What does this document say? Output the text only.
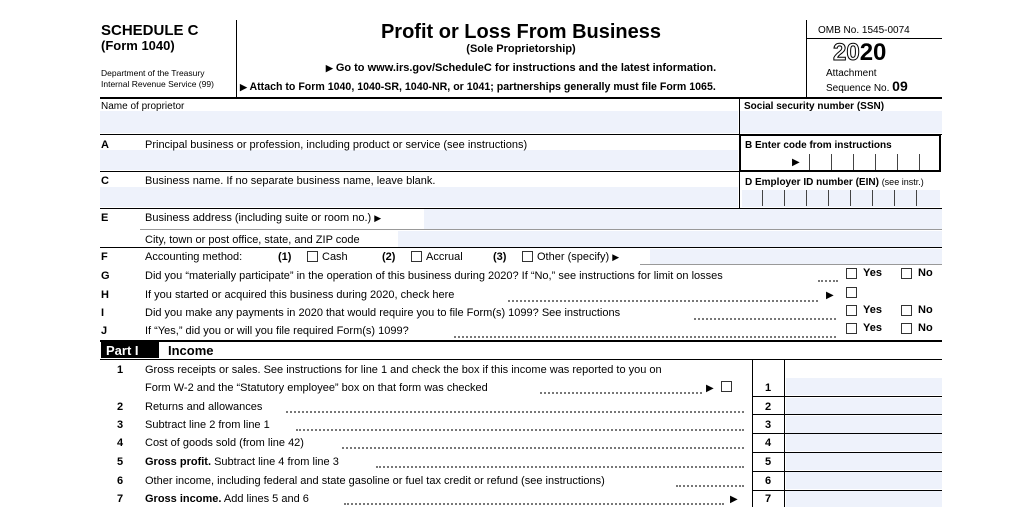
SCHEDULE C
(Form 1040)
Department of the Treasury
Internal Revenue Service (99)
Profit or Loss From Business
(Sole Proprietorship)
▶ Go to www.irs.gov/ScheduleC for instructions and the latest information.
▶ Attach to Form 1040, 1040-SR, 1040-NR, or 1041; partnerships generally must file Form 1065.
OMB No. 1545-0074
2020
Attachment
Sequence No. 09
Name of proprietor	Social security number (SSN)
A	Principal business or profession, including product or service (see instructions)	B Enter code from instructions
▶
C	Business name. If no separate business name, leave blank.	D Employer ID number (EIN) (see instr.)
E	Business address (including suite or room no.) ▶
City, town or post office, state, and ZIP code
F	Accounting method:	(1)	Cash	(2)	Accrual	(3)	Other (specify) ▶
G	Did you “materially participate” in the operation of this business during 2020? If “No,” see instructions for limit on losses	Yes	No
H	If you started or acquired this business during 2020, check here	▶
I	Did you make any payments in 2020 that would require you to file Form(s) 1099? See instructions	Yes	No
J	If “Yes,” did you or will you file required Form(s) 1099?	Yes	No
Part I Income
1 Gross receipts or sales. See instructions for line 1 and check the box if this income was reported to you on
Form W-2 and the “Statutory employee” box on that form was checked	▶	1
2 Returns and allowances	2
3 Subtract line 2 from line 1	3
4 Cost of goods sold (from line 42)	4
5 Gross profit. Subtract line 4 from line 3	5
6 Other income, including federal and state gasoline or fuel tax credit or refund (see instructions)	6
7 Gross income. Add lines 5 and 6	▶	7
